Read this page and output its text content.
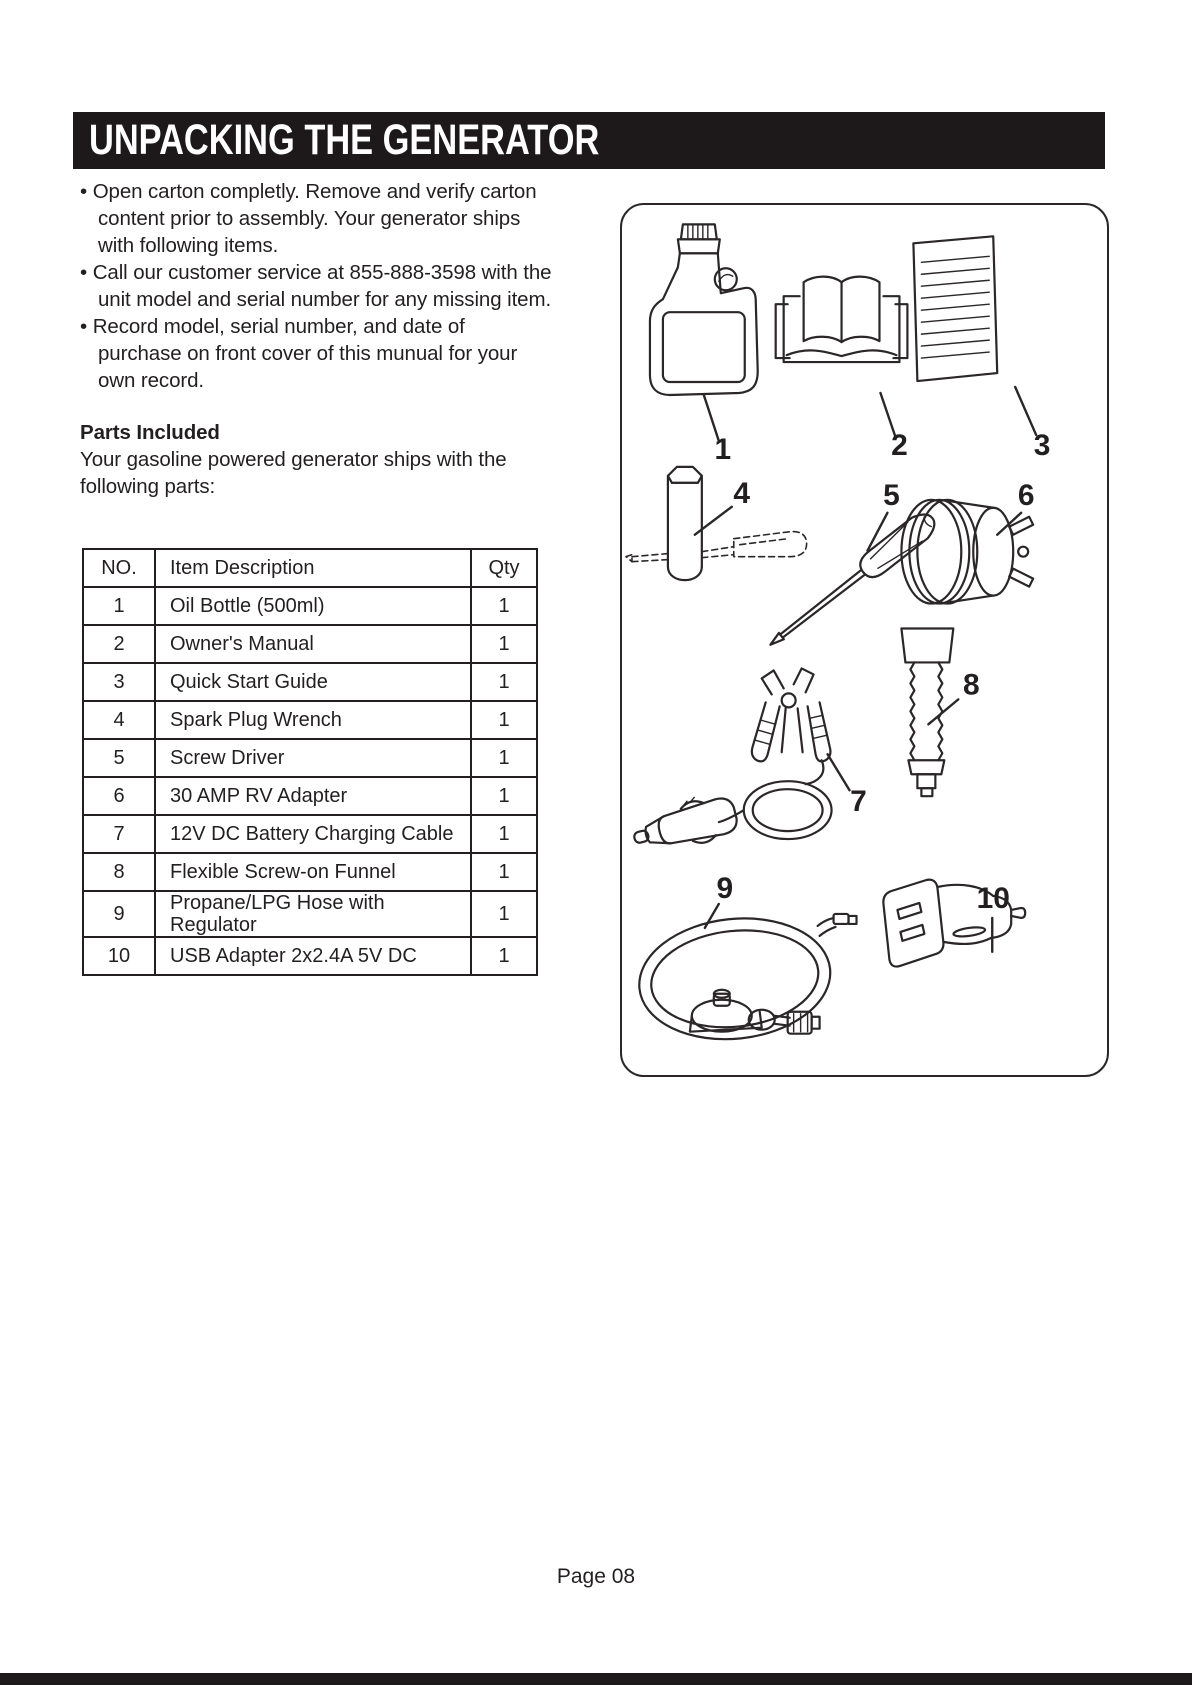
UNPACKING THE GENERATOR
• Open carton completly. Remove and verify carton content prior to assembly. Your generator ships with following items.
• Call our customer service at 855-888-3598 with the unit model and serial number for any missing item.
• Record model, serial number, and date of purchase on front cover of this munual for your own record.
Parts Included
Your gasoline powered generator ships with the following parts:
NO.	Item Description	Qty
1	Oil Bottle (500ml)	1
2	Owner's Manual	1
3	Quick Start Guide	1
4	Spark Plug Wrench	1
5	Screw Driver	1
6	30 AMP RV Adapter	1
7	12V DC Battery Charging Cable	1
8	Flexible Screw-on Funnel	1
9	Propane/LPG Hose with Regulator	1
10	USB Adapter 2x2.4A 5V DC	1
1	2	3
4	5	6
7
8
9	10
Page 08
